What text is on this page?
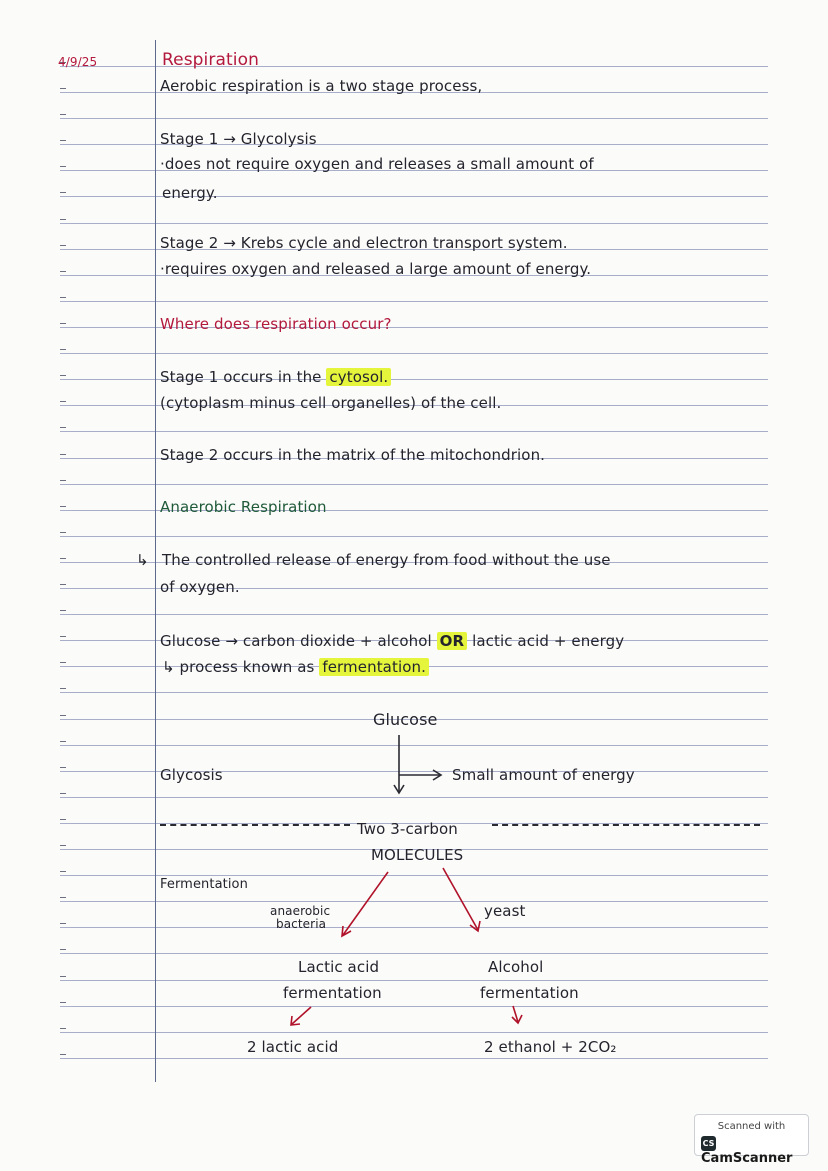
4/9/25	Respiration
Aerobic respiration is a two stage process,
Stage 1 → Glycolysis
·does not require oxygen and releases a small amount of
energy.
Stage 2 → Krebs cycle and electron transport system.
·requires oxygen and released a large amount of energy.
Where does respiration occur?
Stage 1 occurs in the cytosol.
(cytoplasm minus cell organelles) of the cell.
Stage 2 occurs in the matrix of the mitochondrion.
Anaerobic Respiration
↳ The controlled release of energy from food without the use
of oxygen.
Glucose → carbon dioxide + alcohol OR lactic acid + energy
↳ process known as fermentation.
Glucose
Glycosis	Small amount of energy
Two 3-carbon
MOLECULES
Fermentation
anaerobic
bacteria
yeast
Lactic acid
fermentation
Alcohol
fermentation
2 lactic acid	2 ethanol + 2CO₂
Scanned with
CSCamScanner
